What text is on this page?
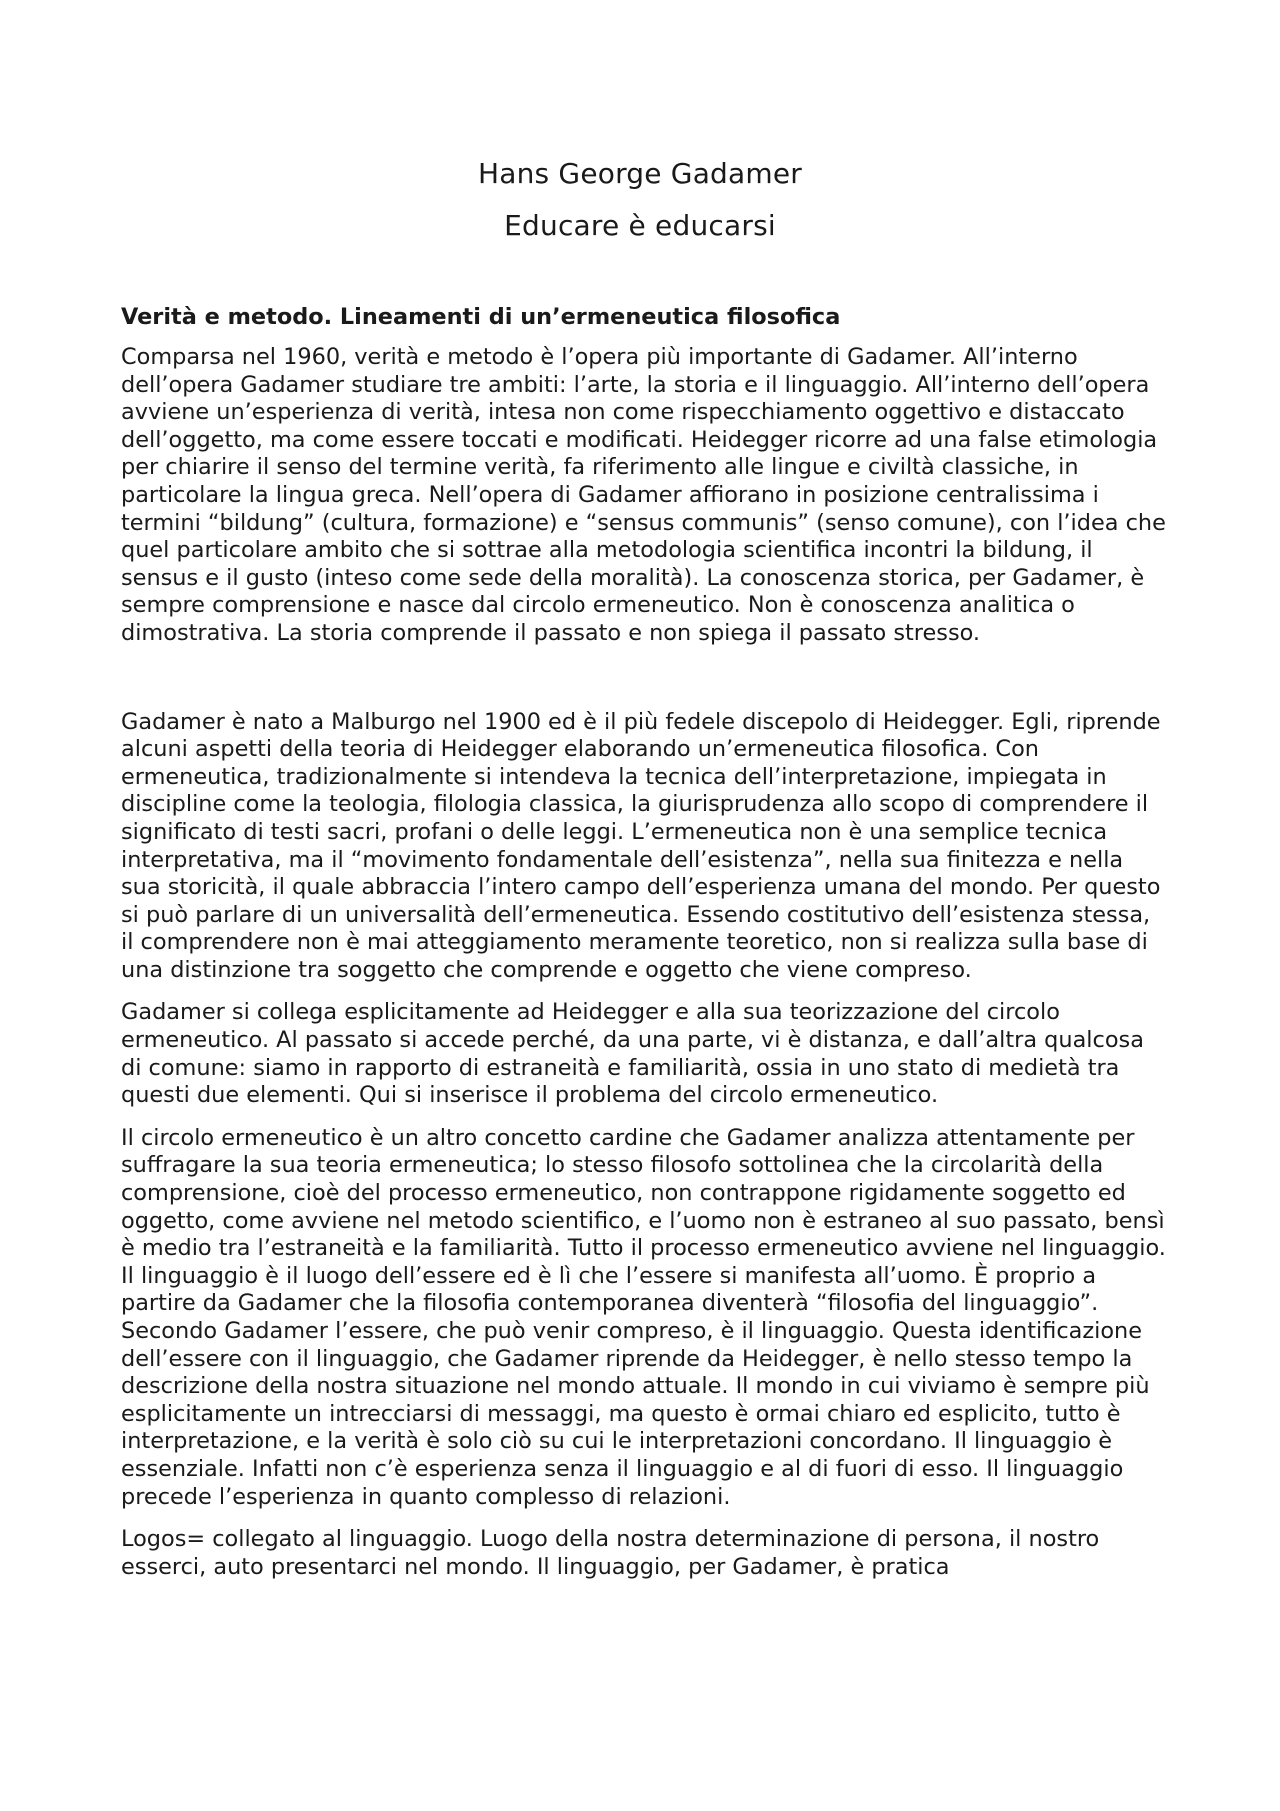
Hans George Gadamer
Educare è educarsi
Verità e metodo. Lineamenti di un’ermeneutica filosofica

Comparsa nel 1960, verità e metodo è l’opera più importante di Gadamer. All’interno dell’opera Gadamer studiare tre ambiti: l’arte, la storia e il linguaggio. All’interno dell’opera avviene un’esperienza di verità, intesa non come rispecchiamento oggettivo e distaccato dell’oggetto, ma come essere toccati e modificati. Heidegger ricorre ad una false etimologia per chiarire il senso del termine verità, fa riferimento alle lingue e civiltà classiche, in particolare la lingua greca. Nell’opera di Gadamer affiorano in posizione centralissima i termini “bildung” (cultura, formazione) e “sensus communis” (senso comune), con l’idea che quel particolare ambito che si sottrae alla metodologia scientifica incontri la bildung, il sensus e il gusto (inteso come sede della moralità). La conoscenza storica, per Gadamer, è sempre comprensione e nasce dal circolo ermeneutico. Non è conoscenza analitica o dimostrativa. La storia comprende il passato e non spiega il passato stresso.

Gadamer è nato a Malburgo nel 1900 ed è il più fedele discepolo di Heidegger. Egli, riprende alcuni aspetti della teoria di Heidegger elaborando un’ermeneutica filosofica. Con ermeneutica, tradizionalmente si intendeva la tecnica dell’interpretazione, impiegata in discipline come la teologia, filologia classica, la giurisprudenza allo scopo di comprendere il significato di testi sacri, profani o delle leggi. L’ermeneutica non è una semplice tecnica interpretativa, ma il “movimento fondamentale dell’esistenza”, nella sua finitezza e nella sua storicità, il quale abbraccia l’intero campo dell’esperienza umana del mondo. Per questo si può parlare di un universalità dell’ermeneutica. Essendo costitutivo dell’esistenza stessa, il comprendere non è mai atteggiamento meramente teoretico, non si realizza sulla base di una distinzione tra soggetto che comprende e oggetto che viene compreso.

Gadamer si collega esplicitamente ad Heidegger e alla sua teorizzazione del circolo ermeneutico. Al passato si accede perché, da una parte, vi è distanza, e dall’altra qualcosa di comune: siamo in rapporto di estraneità e familiarità, ossia in uno stato di medietà tra questi due elementi. Qui si inserisce il problema del circolo ermeneutico.

Il circolo ermeneutico è un altro concetto cardine che Gadamer analizza attentamente per suffragare la sua teoria ermeneutica; lo stesso filosofo sottolinea che la circolarità della comprensione, cioè del processo ermeneutico, non contrappone rigidamente soggetto ed oggetto, come avviene nel metodo scientifico, e l’uomo non è estraneo al suo passato, bensì è medio tra l’estraneità e la familiarità. Tutto il processo ermeneutico avviene nel linguaggio. Il linguaggio è il luogo dell’essere ed è lì che l’essere si manifesta all’uomo. È proprio a partire da Gadamer che la filosofia contemporanea diventerà “filosofia del linguaggio”. Secondo Gadamer l’essere, che può venir compreso, è il linguaggio. Questa identificazione dell’essere con il linguaggio, che Gadamer riprende da Heidegger, è nello stesso tempo la descrizione della nostra situazione nel mondo attuale. Il mondo in cui viviamo è sempre più esplicitamente un intrecciarsi di messaggi, ma questo è ormai chiaro ed esplicito, tutto è interpretazione, e la verità è solo ciò su cui le interpretazioni concordano. Il linguaggio è essenziale. Infatti non c’è esperienza senza il linguaggio e al di fuori di esso. Il linguaggio precede l’esperienza in quanto complesso di relazioni.

Logos= collegato al linguaggio. Luogo della nostra determinazione di persona, il nostro esserci, auto presentarci nel mondo. Il linguaggio, per Gadamer, è pratica
